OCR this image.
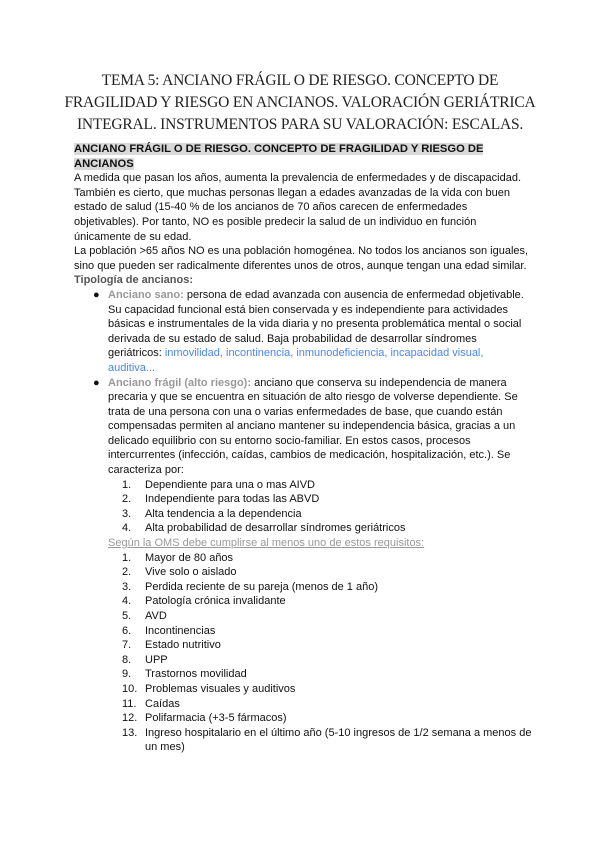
TEMA 5: ANCIANO FRÁGIL O DE RIESGO. CONCEPTO DE FRAGILIDAD Y RIESGO EN ANCIANOS. VALORACIÓN GERIÁTRICA INTEGRAL. INSTRUMENTOS PARA SU VALORACIÓN: ESCALAS.
ANCIANO FRÁGIL O DE RIESGO. CONCEPTO DE FRAGILIDAD Y RIESGO DE ANCIANOS

A medida que pasan los años, aumenta la prevalencia de enfermedades y de discapacidad. También es cierto, que muchas personas llegan a edades avanzadas de la vida con buen estado de salud (15-40 % de los ancianos de 70 años carecen de enfermedades objetivables). Por tanto, NO es posible predecir la salud de un individuo en función únicamente de su edad.

La población >65 años NO es una población homogénea. No todos los ancianos son iguales, sino que pueden ser radicalmente diferentes unos de otros, aunque tengan una edad similar.

Tipología de ancianos:

● Anciano sano: persona de edad avanzada con ausencia de enfermedad objetivable. Su capacidad funcional está bien conservada y es independiente para actividades básicas e instrumentales de la vida diaria y no presenta problemática mental o social derivada de su estado de salud. Baja probabilidad de desarrollar síndromes geriátricos: inmovilidad, incontinencia, inmunodeficiencia, incapacidad visual, auditiva...
● Anciano frágil (alto riesgo): anciano que conserva su independencia de manera precaria y que se encuentra en situación de alto riesgo de volverse dependiente. Se trata de una persona con una o varias enfermedades de base, que cuando están compensadas permiten al anciano mantener su independencia básica, gracias a un delicado equilibrio con su entorno socio-familiar. En estos casos, procesos intercurrentes (infección, caídas, cambios de medicación, hospitalización, etc.). Se caracteriza por:
1.	Dependiente para una o mas AIVD
2.	Independiente para todas las ABVD
3.	Alta tendencia a la dependencia
4.	Alta probabilidad de desarrollar síndromes geriátricos
Según la OMS debe cumplirse al menos uno de estos requisitos:
1.	Mayor de 80 años
2.	Vive solo o aislado
3.	Perdida reciente de su pareja (menos de 1 año)
4.	Patología crónica invalidante
5.	AVD
6.	Incontinencias
7.	Estado nutritivo
8.	UPP
9.	Trastornos movilidad
10. Problemas visuales y auditivos
11. Caídas
12. Polifarmacia (+3-5 fármacos)
13. Ingreso hospitalario en el último año (5-10 ingresos de 1/2 semana a menos de un mes)
